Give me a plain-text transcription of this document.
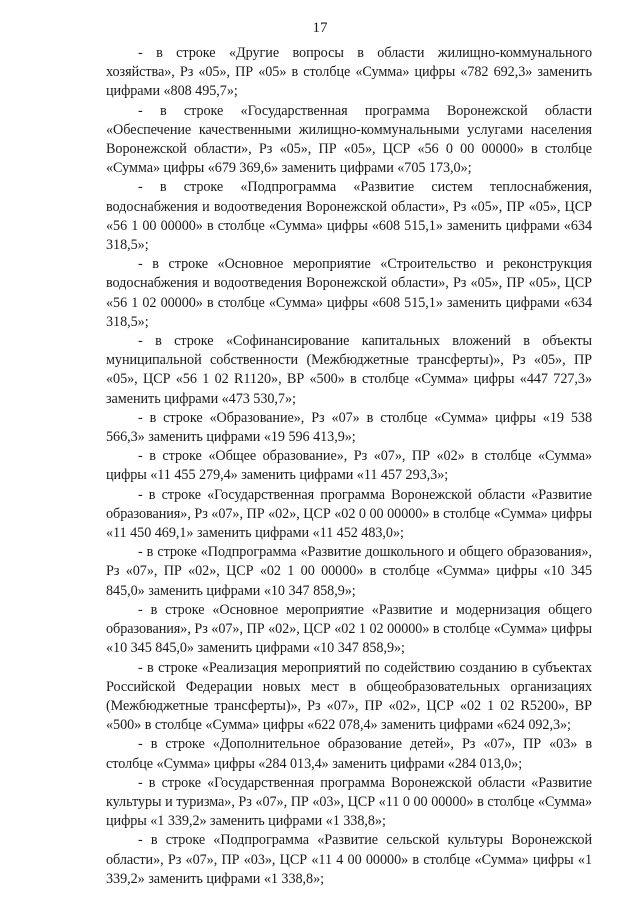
17

- в строке «Другие вопросы в области жилищно-коммунального хозяйства», Рз «05», ПР «05» в столбце «Сумма» цифры «782 692,3» заменить цифрами «808 495,7»;

- в строке «Государственная программа Воронежской области «Обеспечение качественными жилищно-коммунальными услугами населения Воронежской области», Рз «05», ПР «05», ЦСР «56 0 00 00000» в столбце «Сумма» цифры «679 369,6» заменить цифрами «705 173,0»;

- в строке «Подпрограмма «Развитие систем теплоснабжения, водоснабжения и водоотведения Воронежской области», Рз «05», ПР «05», ЦСР «56 1 00 00000» в столбце «Сумма» цифры «608 515,1» заменить цифрами «634 318,5»;

- в строке «Основное мероприятие «Строительство и реконструкция водоснабжения и водоотведения Воронежской области», Рз «05», ПР «05», ЦСР «56 1 02 00000» в столбце «Сумма» цифры «608 515,1» заменить цифрами «634 318,5»;

- в строке «Софинансирование капитальных вложений в объекты муниципальной собственности (Межбюджетные трансферты)», Рз «05», ПР «05», ЦСР «56 1 02 R1120», ВР «500» в столбце «Сумма» цифры «447 727,3» заменить цифрами «473 530,7»;

- в строке «Образование», Рз «07» в столбце «Сумма» цифры «19 538 566,3» заменить цифрами «19 596 413,9»;

- в строке «Общее образование», Рз «07», ПР «02» в столбце «Сумма» цифры «11 455 279,4» заменить цифрами «11 457 293,3»;

- в строке «Государственная программа Воронежской области «Развитие образования», Рз «07», ПР «02», ЦСР «02 0 00 00000» в столбце «Сумма» цифры «11 450 469,1» заменить цифрами «11 452 483,0»;

- в строке «Подпрограмма «Развитие дошкольного и общего образования», Рз «07», ПР «02», ЦСР «02 1 00 00000» в столбце «Сумма» цифры «10 345 845,0» заменить цифрами «10 347 858,9»;

- в строке «Основное мероприятие «Развитие и модернизация общего образования», Рз «07», ПР «02», ЦСР «02 1 02 00000» в столбце «Сумма» цифры «10 345 845,0» заменить цифрами «10 347 858,9»;

- в строке «Реализация мероприятий по содействию созданию в субъектах Российской Федерации новых мест в общеобразовательных организациях (Межбюджетные трансферты)», Рз «07», ПР «02», ЦСР «02 1 02 R5200», ВР «500» в столбце «Сумма» цифры «622 078,4» заменить цифрами «624 092,3»;

- в строке «Дополнительное образование детей», Рз «07», ПР «03» в столбце «Сумма» цифры «284 013,4» заменить цифрами «284 013,0»;

- в строке «Государственная программа Воронежской области «Развитие культуры и туризма», Рз «07», ПР «03», ЦСР «11 0 00 00000» в столбце «Сумма» цифры «1 339,2» заменить цифрами «1 338,8»;

- в строке «Подпрограмма «Развитие сельской культуры Воронежской области», Рз «07», ПР «03», ЦСР «11 4 00 00000» в столбце «Сумма» цифры «1 339,2» заменить цифрами «1 338,8»;
